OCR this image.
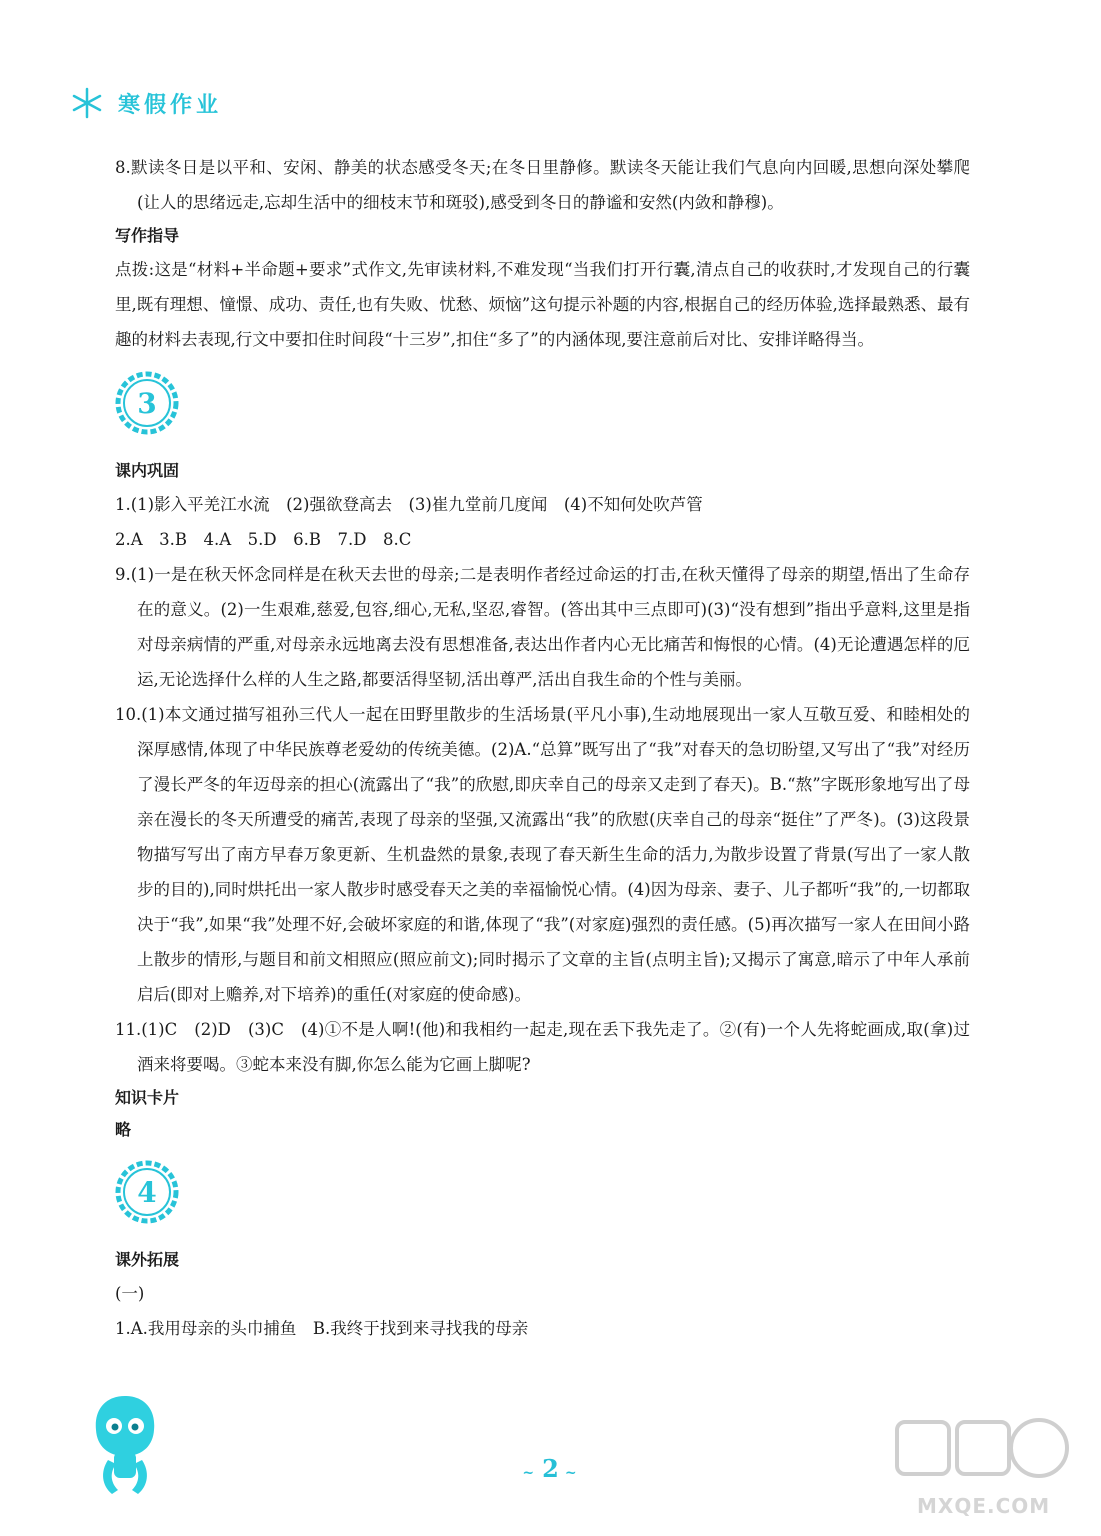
寒假作业

8.默读冬日是以平和、安闲、静美的状态感受冬天;在冬日里静修。默读冬天能让我们气息向内回暖,思想向深处攀爬(让人的思绪远走,忘却生活中的细枝末节和斑驳),感受到冬日的静谧和安然(内敛和静穆)。

写作指导

点拨:这是“材料+半命题+要求”式作文,先审读材料,不难发现“当我们打开行囊,清点自己的收获时,才发现自己的行囊里,既有理想、憧憬、成功、责任,也有失败、忧愁、烦恼”这句提示补题的内容,根据自己的经历体验,选择最熟悉、最有趣的材料去表现,行文中要扣住时间段“十三岁”,扣住“多了”的内涵体现,要注意前后对比、安排详略得当。

3

课内巩固

1.(1)影入平羌江水流　(2)强欲登高去　(3)崔九堂前几度闻　(4)不知何处吹芦管

2.A　3.B　4.A　5.D　6.B　7.D　8.C

9.(1)一是在秋天怀念同样是在秋天去世的母亲;二是表明作者经过命运的打击,在秋天懂得了母亲的期望,悟出了生命存在的意义。(2)一生艰难,慈爱,包容,细心,无私,坚忍,睿智。(答出其中三点即可)(3)“没有想到”指出乎意料,这里是指对母亲病情的严重,对母亲永远地离去没有思想准备,表达出作者内心无比痛苦和悔恨的心情。(4)无论遭遇怎样的厄运,无论选择什么样的人生之路,都要活得坚韧,活出尊严,活出自我生命的个性与美丽。

10.(1)本文通过描写祖孙三代人一起在田野里散步的生活场景(平凡小事),生动地展现出一家人互敬互爱、和睦相处的深厚感情,体现了中华民族尊老爱幼的传统美德。(2)A.“总算”既写出了“我”对春天的急切盼望,又写出了“我”对经历了漫长严冬的年迈母亲的担心(流露出了“我”的欣慰,即庆幸自己的母亲又走到了春天)。B.“熬”字既形象地写出了母亲在漫长的冬天所遭受的痛苦,表现了母亲的坚强,又流露出“我”的欣慰(庆幸自己的母亲“挺住”了严冬)。(3)这段景物描写写出了南方早春万象更新、生机盎然的景象,表现了春天新生生命的活力,为散步设置了背景(写出了一家人散步的目的),同时烘托出一家人散步时感受春天之美的幸福愉悦心情。(4)因为母亲、妻子、儿子都听“我”的,一切都取决于“我”,如果“我”处理不好,会破坏家庭的和谐,体现了“我”(对家庭)强烈的责任感。(5)再次描写一家人在田间小路上散步的情形,与题目和前文相照应(照应前文);同时揭示了文章的主旨(点明主旨);又揭示了寓意,暗示了中年人承前启后(即对上赡养,对下培养)的重任(对家庭的使命感)。

11.(1)C　(2)D　(3)C　(4)①不是人啊!(他)和我相约一起走,现在丢下我先走了。②(有)一个人先将蛇画成,取(拿)过酒来将要喝。③蛇本来没有脚,你怎么能为它画上脚呢?

知识卡片

略

4

课外拓展

(一)

1.A.我用母亲的头巾捕鱼　B.我终于找到来寻找我的母亲

~ 2 ~
MXQE.COM
